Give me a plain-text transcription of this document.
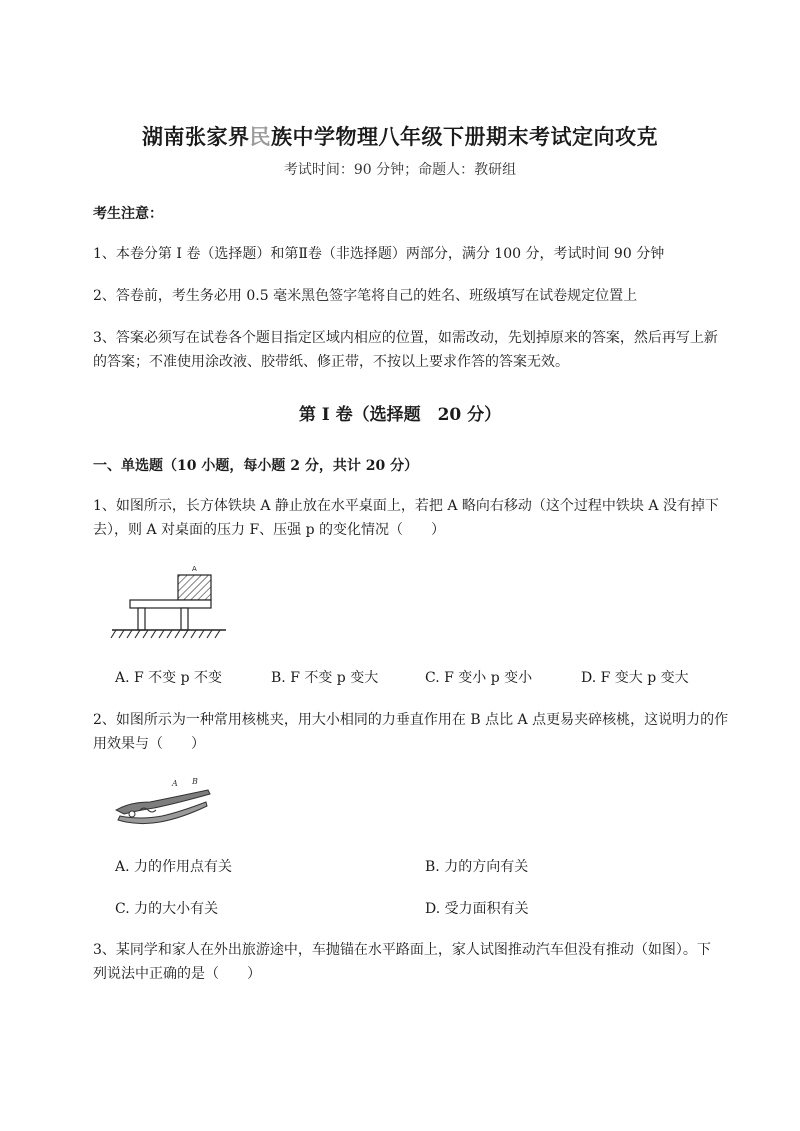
湖南张家界民族中学物理八年级下册期末考试定向攻克
考试时间：90 分钟；命题人：教研组
考生注意：
1、本卷分第 I 卷（选择题）和第Ⅱ卷（非选择题）两部分，满分 100 分，考试时间 90 分钟
2、答卷前，考生务必用 0.5 毫米黑色签字笔将自己的姓名、班级填写在试卷规定位置上
3、答案必须写在试卷各个题目指定区域内相应的位置，如需改动，先划掉原来的答案，然后再写上新
的答案；不准使用涂改液、胶带纸、修正带，不按以上要求作答的答案无效。
第 I 卷（选择题　20 分）
一、单选题（10 小题，每小题 2 分，共计 20 分）
1、如图所示，长方体铁块 A 静止放在水平桌面上，若把 A 略向右移动（这个过程中铁块 A 没有掉下
去），则 A 对桌面的压力 F、压强 p 的变化情况（　　）
A
A. F 不变 p 不变	B. F 不变 p 变大	C. F 变小 p 变小	D. F 变大 p 变大
2、如图所示为一种常用核桃夹，用大小相同的力垂直作用在 B 点比 A 点更易夹碎核桃，这说明力的作
用效果与（　　）
A B
A. 力的作用点有关	B. 力的方向有关
C. 力的大小有关	D. 受力面积有关
3、某同学和家人在外出旅游途中，车抛锚在水平路面上，家人试图推动汽车但没有推动（如图）。下
列说法中正确的是（　　）
